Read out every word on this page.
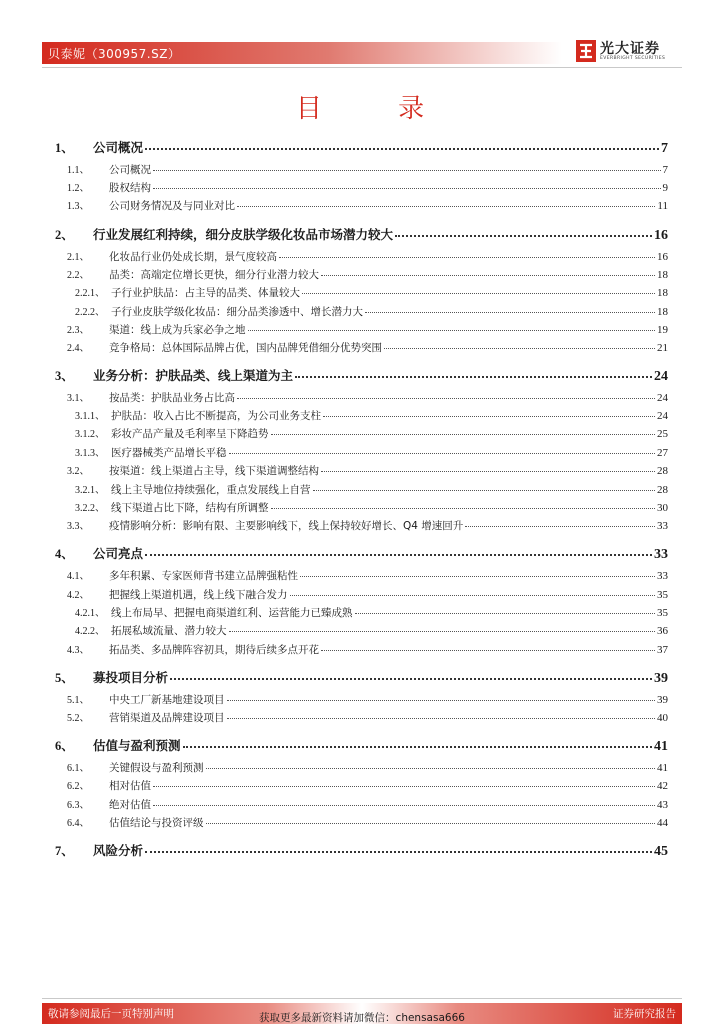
贝泰妮（300957.SZ）	光大证券
EVERBRIGHT SECURITIES
目 录
1、	公司概况	7
1.1、	公司概况	7
1.2、	股权结构	9
1.3、	公司财务情况及与同业对比	11
2、	行业发展红利持续，细分皮肤学级化妆品市场潜力较大	16
2.1、	化妆品行业仍处成长期，景气度较高	16
2.2、	品类：高端定位增长更快，细分行业潜力较大	18
2.2.1、 子行业护肤品：占主导的品类、体量较大	18
2.2.2、 子行业皮肤学级化妆品：细分品类渗透中、增长潜力大	18
2.3、	渠道：线上成为兵家必争之地	19
2.4、	竞争格局：总体国际品牌占优，国内品牌凭借细分优势突围	21
3、	业务分析：护肤品类、线上渠道为主	24
3.1、	按品类：护肤品业务占比高	24
3.1.1、 护肤品：收入占比不断提高，为公司业务支柱	24
3.1.2、 彩妆产品产量及毛利率呈下降趋势	25
3.1.3、 医疗器械类产品增长平稳	27
3.2、	按渠道：线上渠道占主导，线下渠道调整结构	28
3.2.1、 线上主导地位持续强化，重点发展线上自营	28
3.2.2、 线下渠道占比下降，结构有所调整	30
3.3、	疫情影响分析：影响有限、主要影响线下，线上保持较好增长、Q4 增速回升	33
4、	公司亮点	33
4.1、	多年积累、专家医师背书建立品牌强粘性	33
4.2、	把握线上渠道机遇，线上线下融合发力	35
4.2.1、 线上布局早、把握电商渠道红利、运营能力已臻成熟	35
4.2.2、 拓展私域流量、潜力较大	36
4.3、	拓品类、多品牌阵容初具，期待后续多点开花	37
5、	募投项目分析	39
5.1、	中央工厂新基地建设项目	39
5.2、	营销渠道及品牌建设项目	40
6、	估值与盈利预测	41
6.1、	关键假设与盈利预测	41
6.2、	相对估值	42
6.3、	绝对估值	43
6.4、	估值结论与投资评级	44
7、	风险分析	45
敬请参阅最后一页特别声明	获取更多最新资料请加微信：chensasa666	证券研究报告
